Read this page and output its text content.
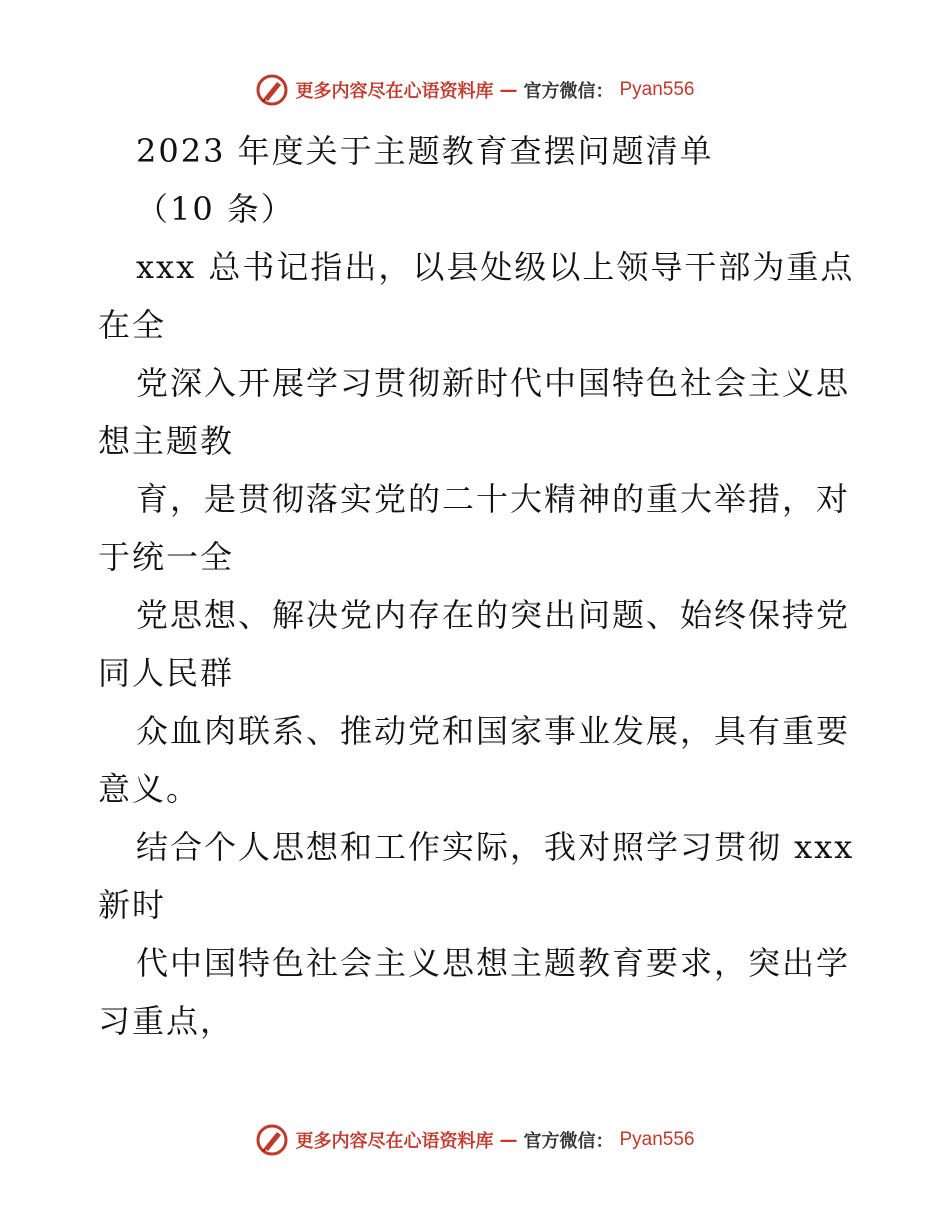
更多内容尽在心语资料库 — 官方微信： Pyan556
2023 年度关于主题教育查摆问题清单
（10 条）
xxx 总书记指出，以县处级以上领导干部为重点
在全
党深入开展学习贯彻新时代中国特色社会主义思
想主题教
育，是贯彻落实党的二十大精神的重大举措，对
于统一全
党思想、解决党内存在的突出问题、始终保持党
同人民群
众血肉联系、推动党和国家事业发展，具有重要
意义。
结合个人思想和工作实际，我对照学习贯彻 xxx
新时
代中国特色社会主义思想主题教育要求，突出学
习重点，
更多内容尽在心语资料库 — 官方微信： Pyan556
